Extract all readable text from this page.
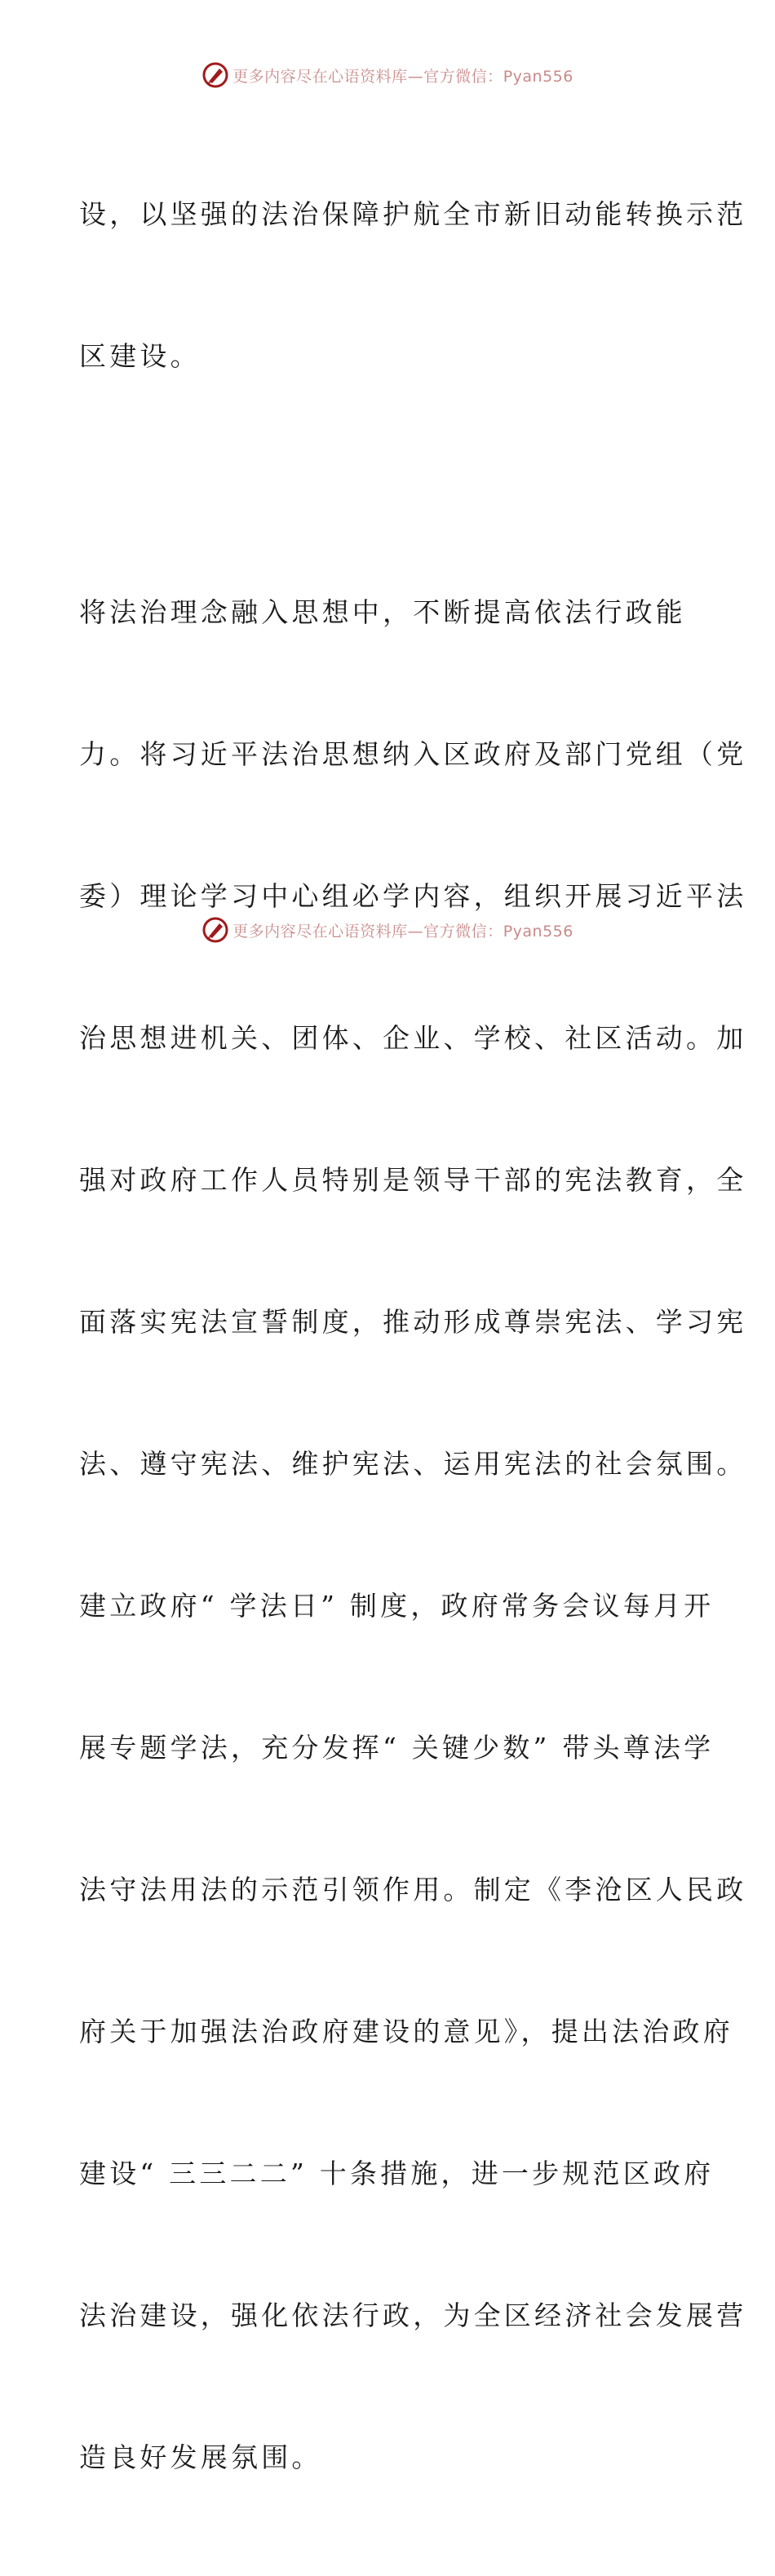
更多内容尽在心语资料库—官方微信：Pyan556

设，以坚强的法治保障护航全市新旧动能转换示范

区建设。

将法治理念融入思想中，不断提高依法行政能

力。将习近平法治思想纳入区政府及部门党组（党

委）理论学习中心组必学内容，组织开展习近平法

治思想进机关、团体、企业、学校、社区活动。加

强对政府工作人员特别是领导干部的宪法教育，全

面落实宪法宣誓制度，推动形成尊崇宪法、学习宪

法、遵守宪法、维护宪法、运用宪法的社会氛围。

建立政府“ 学法日” 制度，政府常务会议每月开

展专题学法，充分发挥“ 关键少数” 带头尊法学

法守法用法的示范引领作用。制定《李沧区人民政

府关于加强法治政府建设的意见》，提出法治政府

建设“ 三三二二” 十条措施，进一步规范区政府

法治建设，强化依法行政，为全区经济社会发展营

造良好发展氛围。

更多内容尽在心语资料库—官方微信：Pyan556
